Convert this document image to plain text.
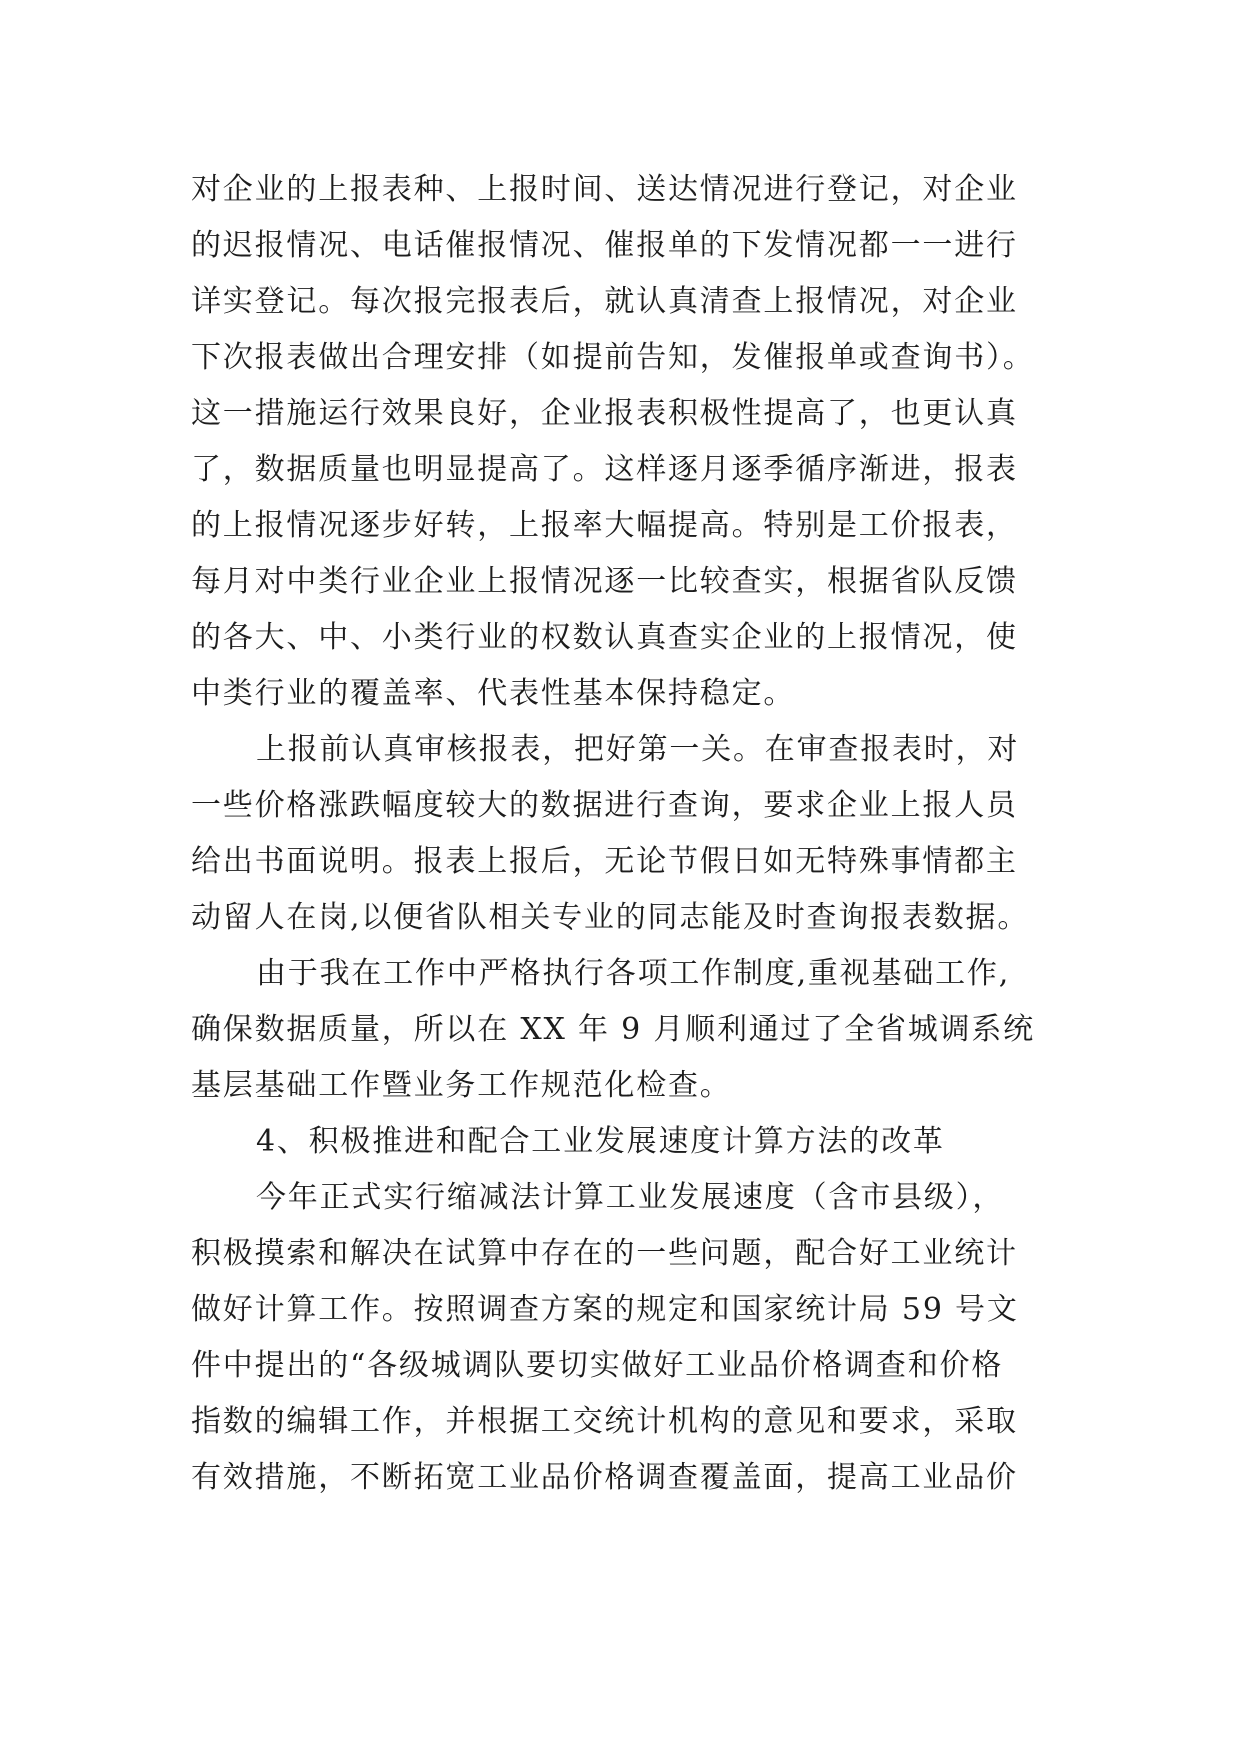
对企业的上报表种、上报时间、送达情况进行登记，对企业

的迟报情况、电话催报情况、催报单的下发情况都一一进行

详实登记。每次报完报表后，就认真清查上报情况，对企业

下次报表做出合理安排（如提前告知，发催报单或查询书）。

这一措施运行效果良好，企业报表积极性提高了，也更认真

了，数据质量也明显提高了。这样逐月逐季循序渐进，报表

的上报情况逐步好转，上报率大幅提高。特别是工价报表，

每月对中类行业企业上报情况逐一比较查实，根据省队反馈

的各大、中、小类行业的权数认真查实企业的上报情况，使

中类行业的覆盖率、代表性基本保持稳定。

上报前认真审核报表，把好第一关。在审查报表时，对

一些价格涨跌幅度较大的数据进行查询，要求企业上报人员

给出书面说明。报表上报后，无论节假日如无特殊事情都主

动留人在岗,以便省队相关专业的同志能及时查询报表数据。

由于我在工作中严格执行各项工作制度,重视基础工作,

确保数据质量，所以在 XX 年 9 月顺利通过了全省城调系统

基层基础工作暨业务工作规范化检查。

4、积极推进和配合工业发展速度计算方法的改革

今年正式实行缩减法计算工业发展速度（含市县级），

积极摸索和解决在试算中存在的一些问题，配合好工业统计

做好计算工作。按照调查方案的规定和国家统计局 59 号文

件中提出的“各级城调队要切实做好工业品价格调查和价格

指数的编辑工作，并根据工交统计机构的意见和要求，采取

有效措施，不断拓宽工业品价格调查覆盖面，提高工业品价
